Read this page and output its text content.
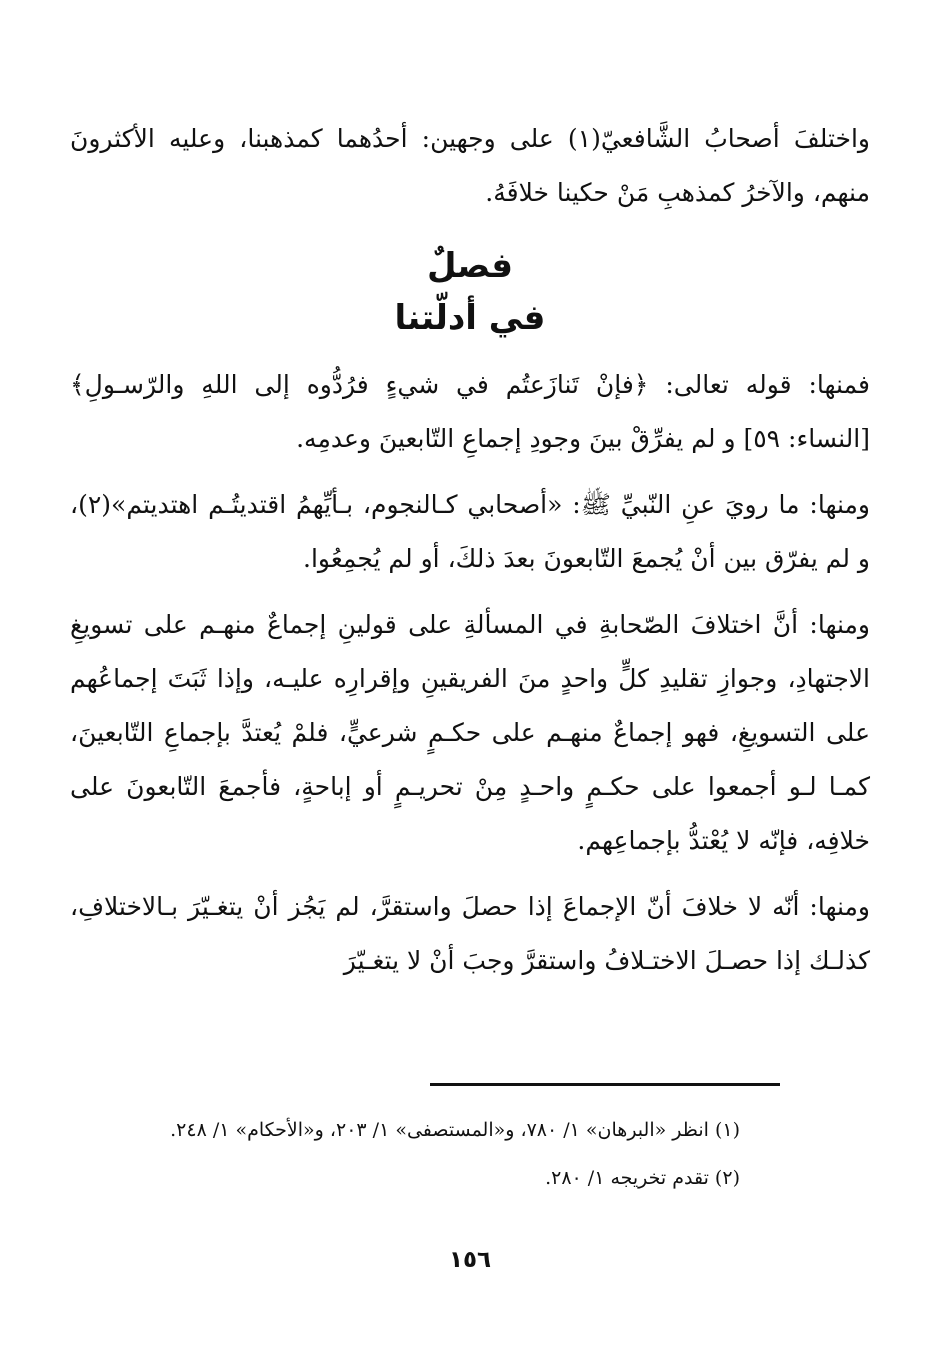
واختلفَ أصحابُ الشَّافعيّ(١) على وجهين: أحدُهما كمذهبنا، وعليه الأكثرونَ منهم، والآخرُ كمذهبِ مَنْ حكينا خلافَهُ.

فصلٌ

في أدلّتنا

فمنها: قوله تعالى: ﴿فإنْ تَنازَعتُم في شيءٍ فرُدُّوه إلى اللهِ والرّسـولِ﴾ [النساء: ٥٩] و لم يفرِّقْ بينَ وجودِ إجماعِ التّابعينَ وعدمِه.

ومنها: ما رويَ عنِ النّبيِّ ﷺ: «أصحابي كـالنجوم، بـأيِّهمُ اقتديتُـم اهتديتم»(٢)، و لم يفرّق بين أنْ يُجمعَ التّابعونَ بعدَ ذلكَ، أو لم يُجمِعُوا.

ومنها: أنَّ اختلافَ الصّحابةِ في المسألةِ على قولينِ إجماعٌ منهـم على تسويغِ الاجتهادِ، وجوازِ تقليدِ كلٍّ واحدٍ منَ الفريقينِ وإقرارِه عليـه، وإذا ثَبَتَ إجماعُهم على التسويغِ، فهو إجماعٌ منهـم على حكـمٍ شرعيٍّ، فلمْ يُعتدَّ بإجماعِ التّابعينَ، كمـا لـو أجمعوا على حكـمٍ واحـدٍ مِنْ تحريـمٍ أو إباحةٍ، فأجمعَ التّابعونَ على خلافِه، فإنّه لا يُعْتدُّ بإجماعِهم.

ومنها: أنّه لا خلافَ أنّ الإجماعَ إذا حصلَ واستقرَّ، لم يَجُز أنْ يتغـيّرَ بـالاختلافِ، كذلـك إذا حصـلَ الاختـلافُ واستقرَّ وجبَ أنْ لا يتغـيّرَ

(١) انظر «البرهان» ١/ ٧٨٠، و«المستصفى» ١/ ٢٠٣، و«الأحكام» ١/ ٢٤٨.

(٢) تقدم تخريجه ١/ ٢٨٠.

١٥٦
